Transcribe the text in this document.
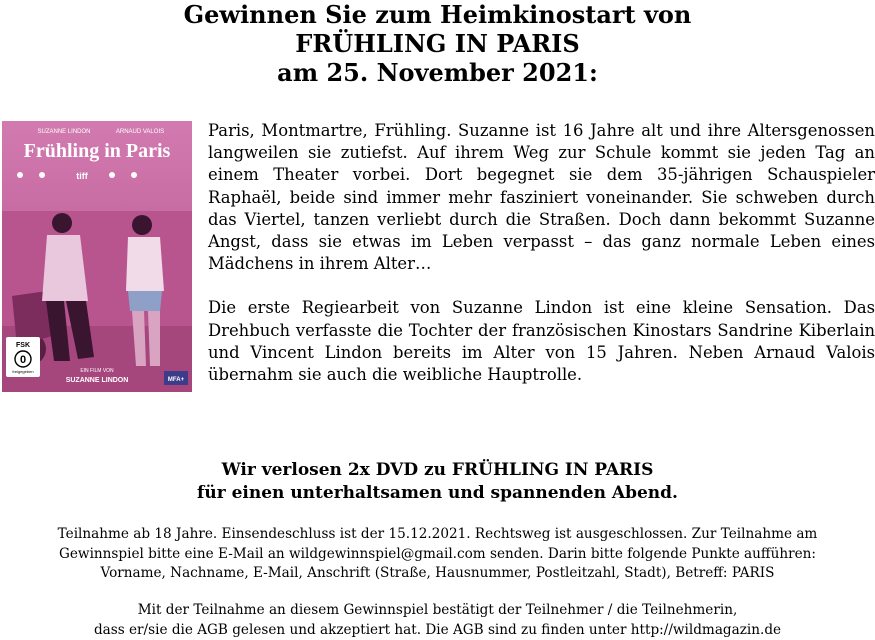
Gewinnen Sie zum Heimkinostart von
FRÜHLING IN PARIS
am 25. November 2021:
SUZANNE LINDON	ARNAUD VALOIS
Frühling in Paris
tiff
FSK
0
freigegeben	EIN FILM VON
SUZANNE LINDON	MFA+

Paris, Montmartre, Frühling. Suzanne ist 16 Jahre alt und ihre Altersgenossen langweilen sie zutiefst. Auf ihrem Weg zur Schule kommt sie jeden Tag an einem Theater vorbei. Dort begegnet sie dem 35-jährigen Schauspieler Raphaël, beide sind immer mehr fasziniert voneinander. Sie schweben durch das Viertel, tanzen verliebt durch die Straßen. Doch dann bekommt Suzanne Angst, dass sie etwas im Leben verpasst – das ganz normale Leben eines Mädchens in ihrem Alter…

Die erste Regiearbeit von Suzanne Lindon ist eine kleine Sensation. Das Drehbuch verfasste die Tochter der französischen Kinostars Sandrine Kiberlain und Vincent Lindon bereits im Alter von 15 Jahren. Neben Arnaud Valois übernahm sie auch die weibliche Hauptrolle.

Wir verlosen 2x DVD zu FRÜHLING IN PARIS
für einen unterhaltsamen und spannenden Abend.
Teilnahme ab 18 Jahre. Einsendeschluss ist der 15.12.2021. Rechtsweg ist ausgeschlossen. Zur Teilnahme am
Gewinnspiel bitte eine E-Mail an wildgewinnspiel@gmail.com senden. Darin bitte folgende Punkte aufführen:
Vorname, Nachname, E-Mail, Anschrift (Straße, Hausnummer, Postleitzahl, Stadt), Betreff: PARIS
Mit der Teilnahme an diesem Gewinnspiel bestätigt der Teilnehmer / die Teilnehmerin,
dass er/sie die AGB gelesen und akzeptiert hat. Die AGB sind zu finden unter http://wildmagazin.de
